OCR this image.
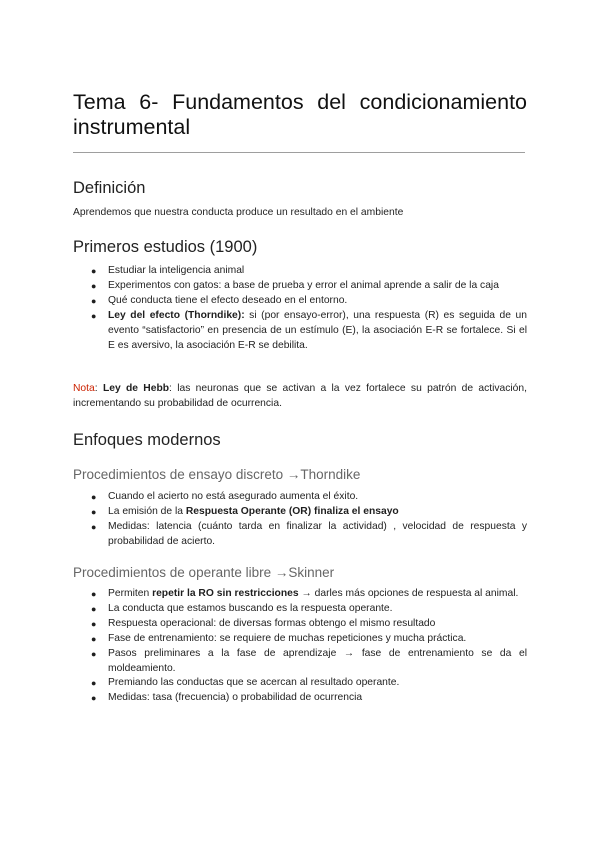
Tema 6- Fundamentos del condicionamiento
instrumental
Definición

Aprendemos que nuestra conducta produce un resultado en el ambiente

Primeros estudios (1900)
● Estudiar la inteligencia animal
● Experimentos con gatos: a base de prueba y error el animal aprende a salir de la caja
● Qué conducta tiene el efecto deseado en el entorno.
● Ley del efecto (Thorndike): si (por ensayo-error), una respuesta (R) es seguida de un evento “satisfactorio” en presencia de un estímulo (E), la asociación E-R se fortalece. Si el E es aversivo, la asociación E-R se debilita.

Nota: Ley de Hebb: las neuronas que se activan a la vez fortalece su patrón de activación, incrementando su probabilidad de ocurrencia.

Enfoques modernos
Procedimientos de ensayo discreto →Thorndike
● Cuando el acierto no está asegurado aumenta el éxito.
● La emisión de la Respuesta Operante (OR) finaliza el ensayo
● Medidas: latencia (cuánto tarda en finalizar la actividad) , velocidad de respuesta y probabilidad de acierto.
Procedimientos de operante libre →Skinner
● Permiten repetir la RO sin restricciones → darles más opciones de respuesta al animal.
● La conducta que estamos buscando es la respuesta operante.
● Respuesta operacional: de diversas formas obtengo el mismo resultado
● Fase de entrenamiento: se requiere de muchas repeticiones y mucha práctica.
● Pasos preliminares a la fase de aprendizaje → fase de entrenamiento se da el moldeamiento.
● Premiando las conductas que se acercan al resultado operante.
● Medidas: tasa (frecuencia) o probabilidad de ocurrencia
